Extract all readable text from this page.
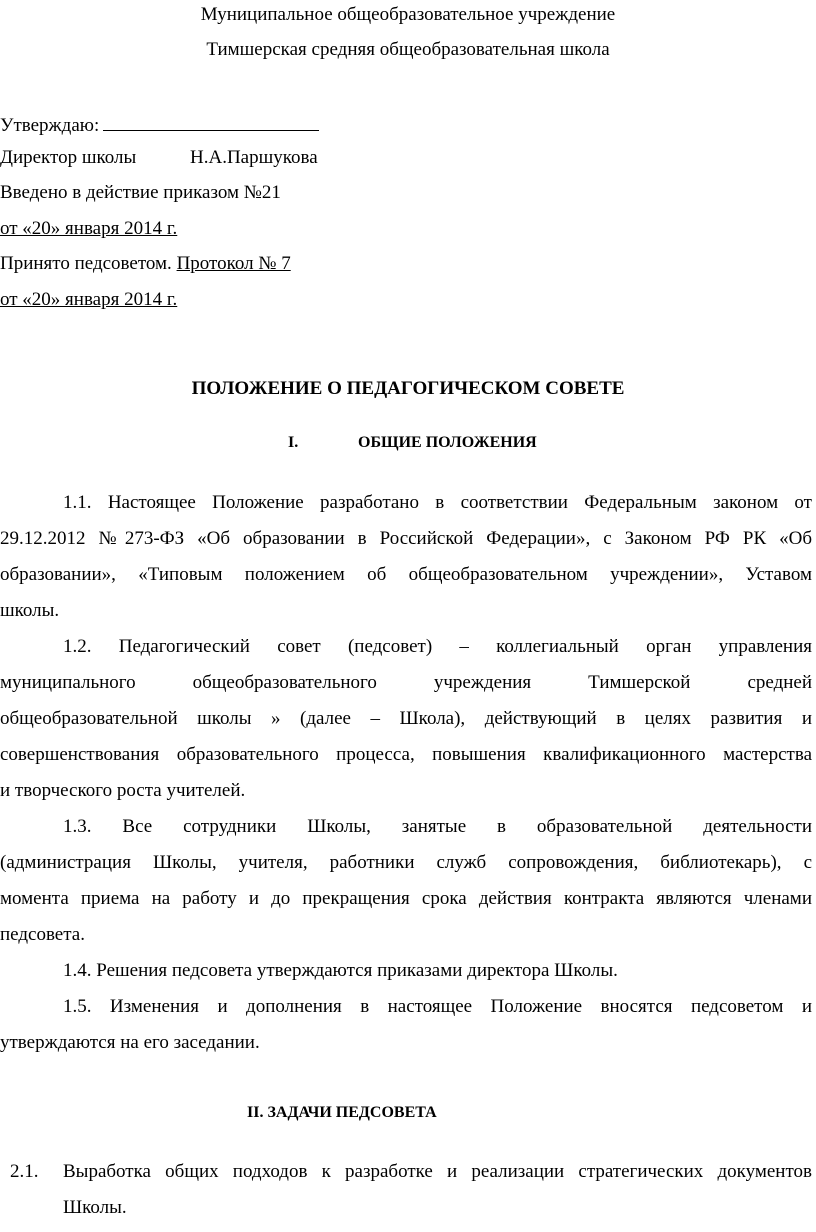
Муниципальное общеобразовательное учреждение
Тимшерская средняя общеобразовательная школа
Утверждаю:
Директор школы	Н.А.Паршукова
Введено в действие приказом №21
от «20» января 2014 г.
Принято педсоветом. Протокол № 7
от «20» января 2014 г.
ПОЛОЖЕНИЕ О ПЕДАГОГИЧЕСКОМ СОВЕТЕ
I.	ОБЩИЕ ПОЛОЖЕНИЯ
1.1. Настоящее Положение разработано в соответствии Федеральным законом от
29.12.2012 №273-ФЗ «Об образовании в Российской Федерации», с Законом РФ РК «Об
образовании», «Типовым положением об общеобразовательном учреждении», Уставом
школы.
1.2. Педагогический совет (педсовет) – коллегиальный орган управления
муниципального общеобразовательного учреждения Тимшерской средней
общеобразовательной школы » (далее – Школа), действующий в целях развития и
совершенствования образовательного процесса, повышения квалификационного мастерства
и творческого роста учителей.
1.3. Все сотрудники Школы, занятые в образовательной деятельности
(администрация Школы, учителя, работники служб сопровождения, библиотекарь), с
момента приема на работу и до прекращения срока действия контракта являются членами
педсовета.
1.4. Решения педсовета утверждаются приказами директора Школы.
1.5. Изменения и дополнения в настоящее Положение вносятся педсоветом и
утверждаются на его заседании.
II. ЗАДАЧИ ПЕДСОВЕТА
2.1. Выработка общих подходов к разработке и реализации стратегических документов
Школы.
